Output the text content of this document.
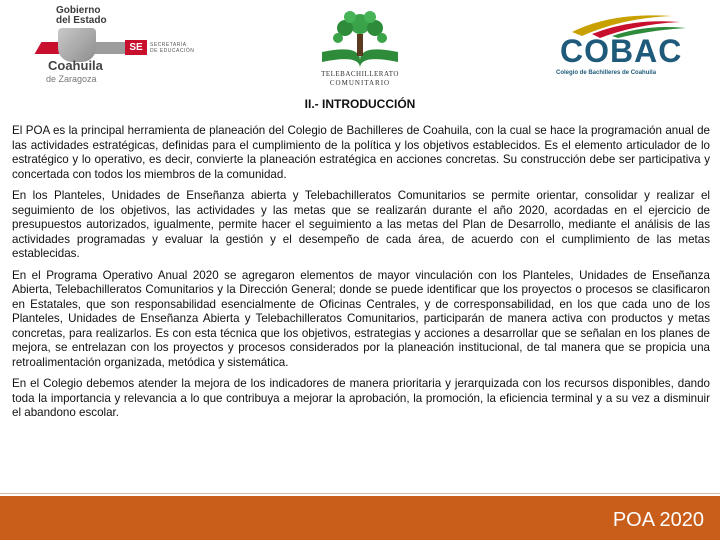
Gobierno
del Estado
SE	SECRETARÍA DE EDUCACIÓN
Coahuila
de Zaragoza	TELEBACHILLERATO
COMUNITARIO
COBAC
Colegio de Bachilleres de Coahuila
II.- INTRODUCCIÓN

El POA es la principal herramienta de planeación del Colegio de Bachilleres de Coahuila, con la cual se hace la programación anual de las actividades estratégicas, definidas para el cumplimiento de la política y los objetivos establecidos. Es el elemento articulador de lo estratégico y lo operativo, es decir, convierte la planeación estratégica en acciones concretas. Su construcción debe ser participativa y concertada con todos los miembros de la comunidad.

En los Planteles, Unidades de Enseñanza abierta y Telebachilleratos Comunitarios se permite orientar, consolidar y realizar el seguimiento de los objetivos, las actividades y las metas que se realizarán durante el año 2020, acordadas en el ejercicio de presupuestos autorizados, igualmente, permite hacer el seguimiento a las metas del Plan de Desarrollo, mediante el análisis de las actividades programadas y evaluar la gestión y el desempeño de cada área, de acuerdo con el cumplimiento de las metas establecidas.

En el Programa Operativo Anual 2020 se agregaron elementos de mayor vinculación con los Planteles, Unidades de Enseñanza Abierta, Telebachilleratos Comunitarios y la Dirección General; donde se puede identificar que los proyectos o procesos se clasificaron en Estatales, que son responsabilidad esencialmente de Oficinas Centrales, y de corresponsabilidad, en los que cada uno de los Planteles, Unidades de Enseñanza Abierta y Telebachilleratos Comunitarios, participarán de manera activa con productos y metas concretas, para realizarlos. Es con esta técnica que los objetivos, estrategias y acciones a desarrollar que se señalan en los planes de mejora, se entrelazan con los proyectos y procesos considerados por la planeación institucional, de tal manera que se propicia una retroalimentación organizada, metódica y sistemática.

En el Colegio debemos atender la mejora de los indicadores de manera prioritaria y jerarquizada con los recursos disponibles, dando toda la importancia y relevancia a lo que contribuya a mejorar la aprobación, la promoción, la eficiencia terminal y a su vez a disminuir el abandono escolar.

POA 2020
